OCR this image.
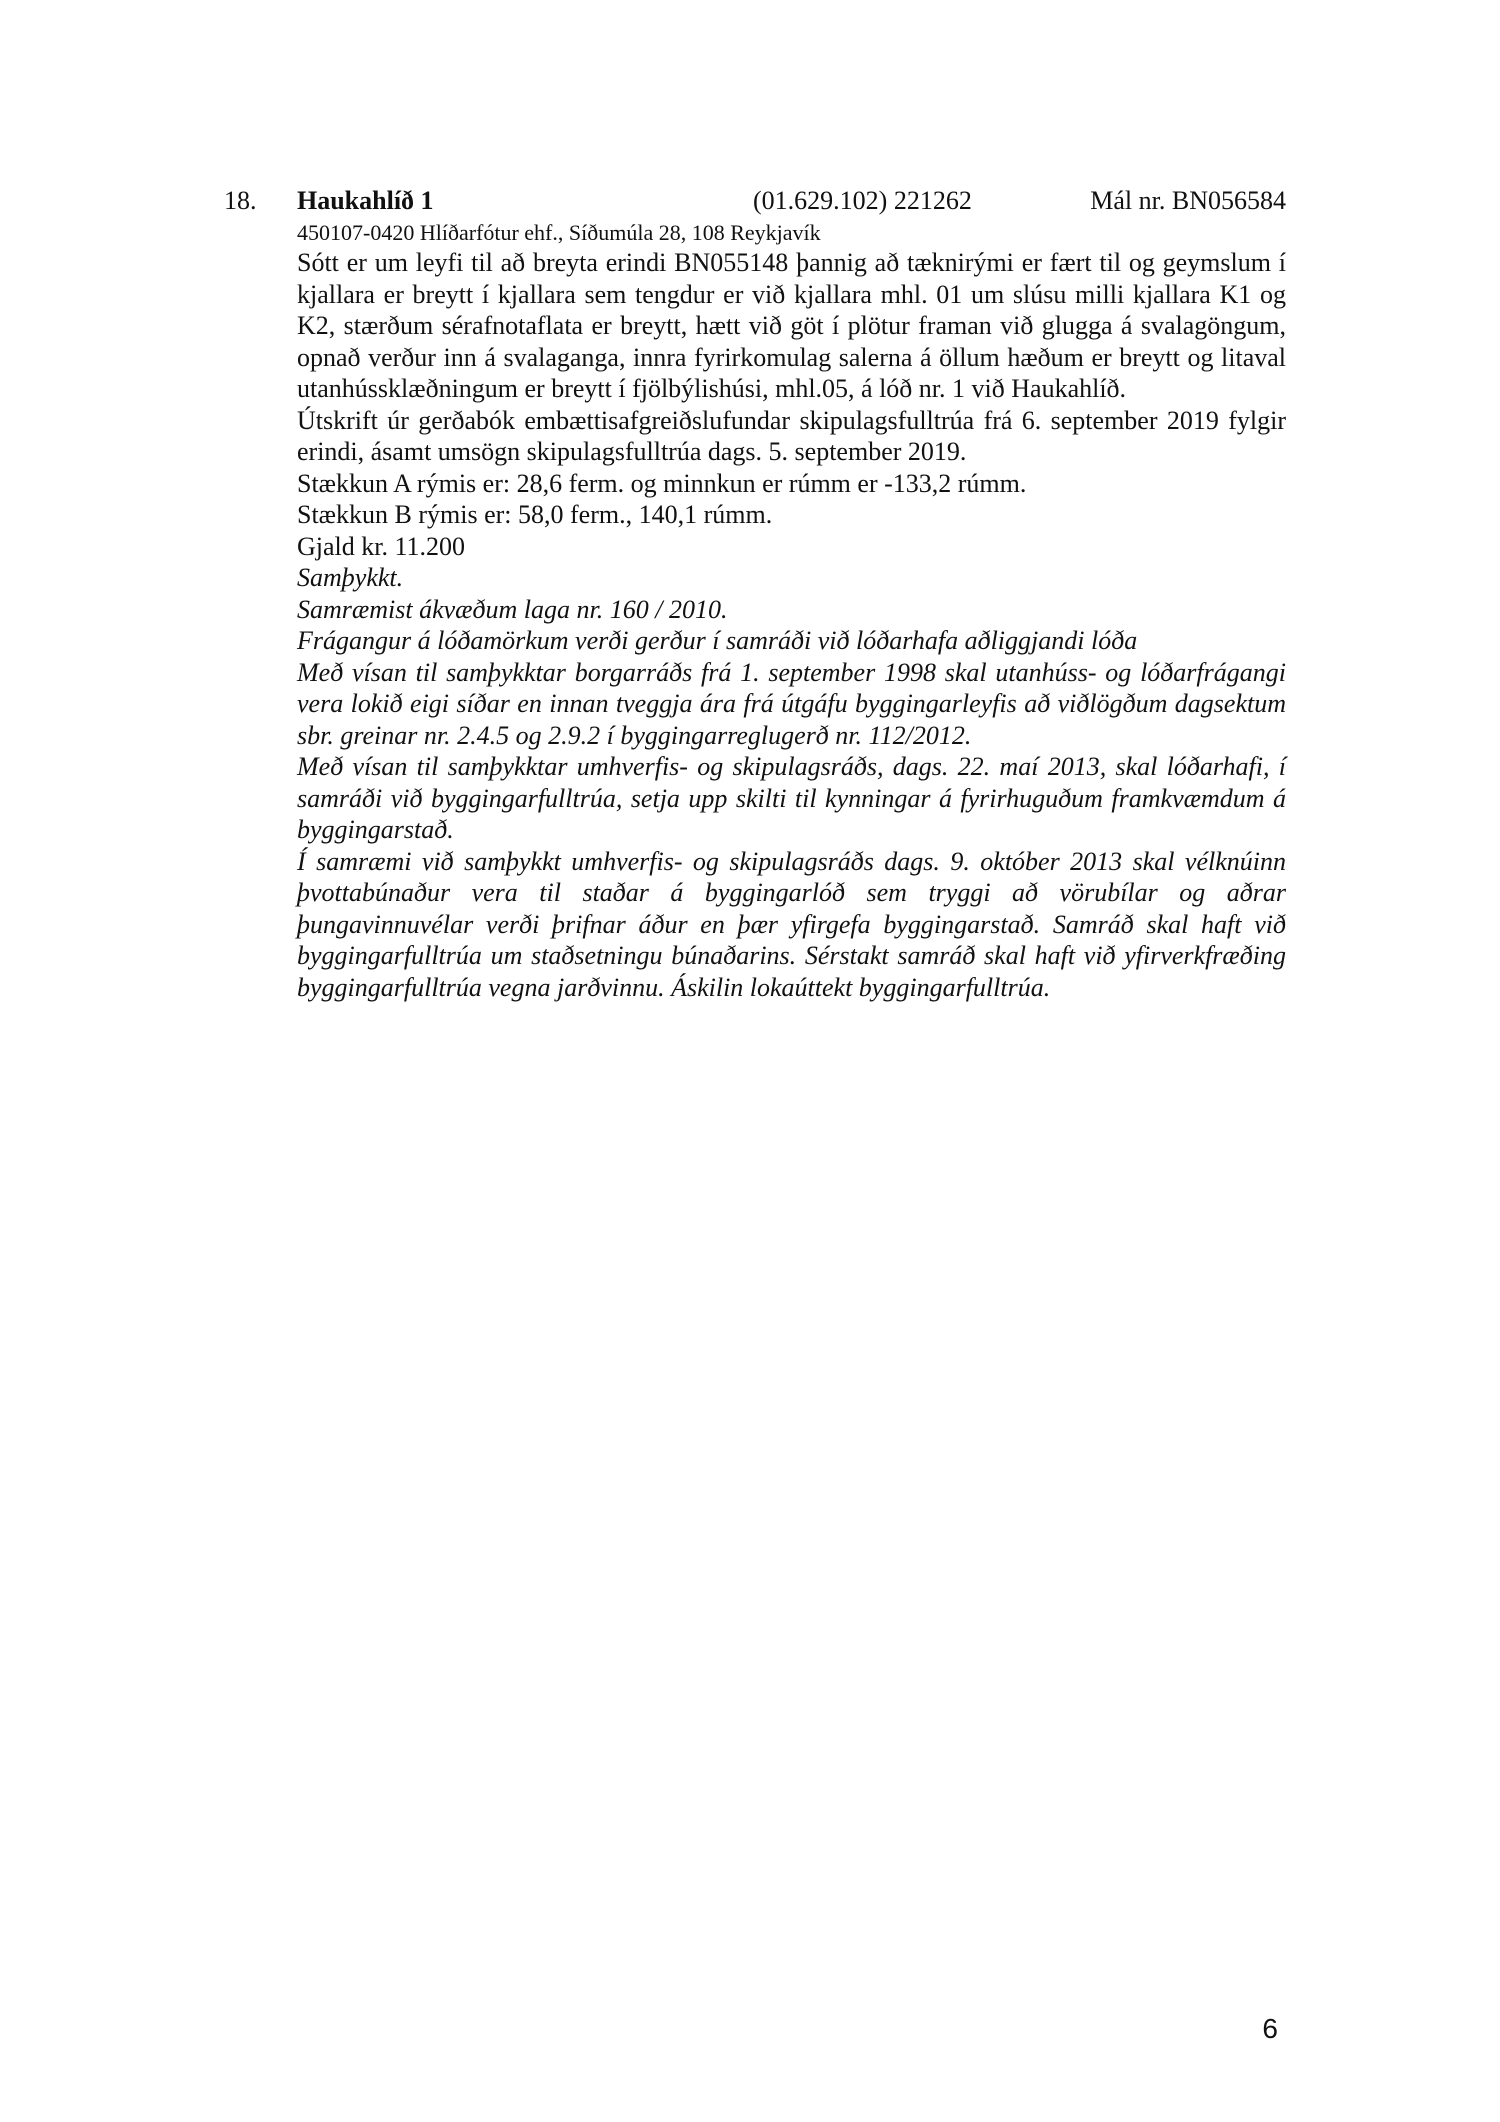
18. Haukahlíð 1	(01.629.102) 221262	Mál nr. BN056584

450107-0420 Hlíðarfótur ehf., Síðumúla 28, 108 Reykjavík

Sótt er um leyfi til að breyta erindi BN055148 þannig að tæknirými er fært til og geymslum í kjallara er breytt í kjallara sem tengdur er við kjallara mhl. 01 um slúsu milli kjallara K1 og K2, stærðum sérafnotaflata er breytt, hætt við göt í plötur framan við glugga á svalagöngum, opnað verður inn á svalaganga, innra fyrirkomulag salerna á öllum hæðum er breytt og litaval utanhússklæðningum er breytt í fjölbýlishúsi, mhl.05, á lóð nr. 1 við Haukahlíð.

Útskrift úr gerðabók embættisafgreiðslufundar skipulagsfulltrúa frá 6. september 2019 fylgir erindi, ásamt umsögn skipulagsfulltrúa dags. 5. september 2019.

Stækkun A rýmis er: 28,6 ferm. og minnkun er rúmm er -133,2 rúmm.

Stækkun B rýmis er: 58,0 ferm., 140,1 rúmm.

Gjald kr. 11.200

Samþykkt.

Samræmist ákvæðum laga nr. 160 / 2010.

Frágangur á lóðamörkum verði gerður í samráði við lóðarhafa aðliggjandi lóða

Með vísan til samþykktar borgarráðs frá 1. september 1998 skal utanhúss- og lóðarfrágangi vera lokið eigi síðar en innan tveggja ára frá útgáfu byggingarleyfis að viðlögðum dagsektum sbr. greinar nr. 2.4.5 og 2.9.2 í byggingarreglugerð nr. 112/2012.

Með vísan til samþykktar umhverfis- og skipulagsráðs, dags. 22. maí 2013, skal lóðarhafi, í samráði við byggingarfulltrúa, setja upp skilti til kynningar á fyrirhuguðum framkvæmdum á byggingarstað.

Í samræmi við samþykkt umhverfis- og skipulagsráðs dags. 9. október 2013 skal vélknúinn þvottabúnaður vera til staðar á byggingarlóð sem tryggi að vörubílar og aðrar þungavinnuvélar verði þrifnar áður en þær yfirgefa byggingarstað. Samráð skal haft við byggingarfulltrúa um staðsetningu búnaðarins. Sérstakt samráð skal haft við yfirverkfræðing byggingarfulltrúa vegna jarðvinnu. Áskilin lokaúttekt byggingarfulltrúa.

6
